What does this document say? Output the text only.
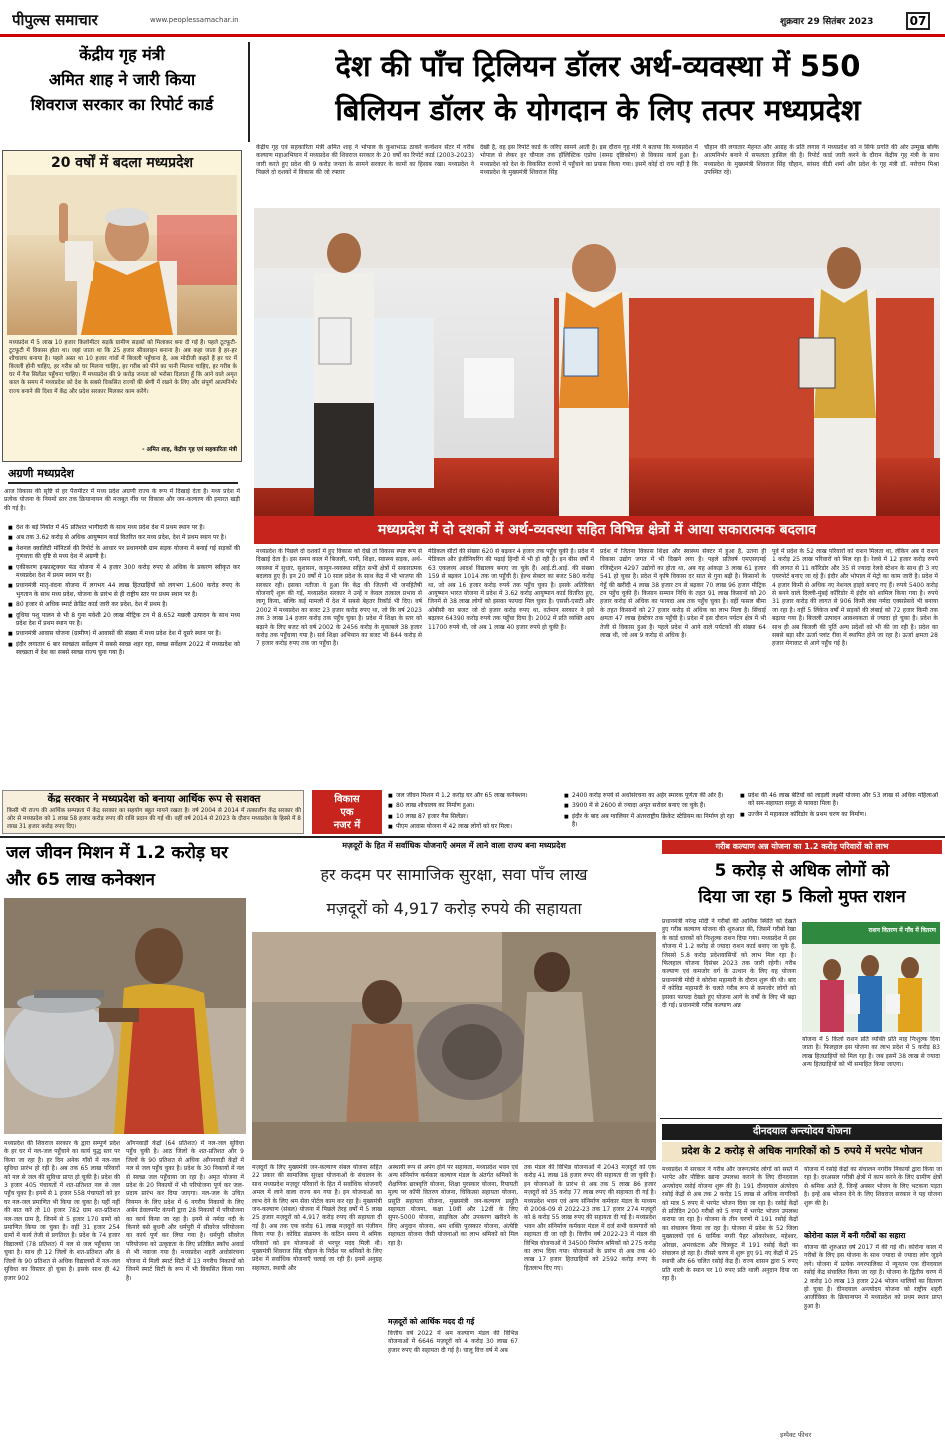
पीपुल्स समाचार	www.peoplessamachar.in	शुक्रवार 29 सितंबर 2023	07
केंद्रीय गृह मंत्री
अमित शाह ने जारी किया
शिवराज सरकार का रिपोर्ट कार्ड
देश की पाँच ट्रिलियन डॉलर अर्थ-व्यवस्था में 550
बिलियन डॉलर के योगदान के लिए तत्पर मध्यप्रदेश
केंद्रीय गृह एवं सहकारिता मंत्री अमित शाह ने भोपाल के कुशाभाऊ ठाकरे कन्वेंशन सेंटर में गरीब कल्याण महाअभियान में मध्यप्रदेश की शिवराज सरकार के 20 वर्षों का रिपोर्ट कार्ड (2003-2023) जारी करते हुए प्रदेश की 9 करोड़ जनता के सामने सरकार के कामों का हिसाब रखा। मध्यप्रदेश ने पिछले दो दशकों में विकास की जो रफ्तार
देखी है, वह इस रिपोर्ट कार्ड के जरिए सामने आती है। इस दौरान गृह मंत्री ने बताया कि मध्यप्रदेश में भोपाल से लेकर हर चौपाल तक हॉलिस्टिक एप्रोच (समग्र दृष्टिकोण) से विकास कार्य हुआ है। मध्यप्रदेश को देश के विकसित राज्यों में पहुँचाने का प्रयास किया गया। इसमें कोई दो राय नहीं है कि मध्यप्रदेश के मुख्यमंत्री शिवराज सिंह
चौहान की लगातार मेहनत और आग्रह के प्रति लगाव ने मध्यप्रदेश को न सिर्फ प्रगति की ओर उन्मुख बल्कि आत्मनिर्भर बनाने में सफलता हासिल की है। रिपोर्ट कार्ड जारी करने के दौरान केंद्रीय गृह मंत्री के साथ मध्यप्रदेश के मुख्यमंत्री शिवराज सिंह चौहान, सांसद वीडी शर्मा और प्रदेश के गृह मंत्री डॉ. नरोत्तम मिश्रा उपस्थित रहे।
20 वर्षों में बदला मध्यप्रदेश
मध्यप्रदेश में 5 लाख 10 हजार किलोमीटर सड़कें ग्रामीण सड़कों को मिलाकर बना दी गई हैं। पहले टूटफूटी-टूटफूटी में विकास होता था। जहां जाता था कि 25 हजार सीवलाइन बनाना है। अब कहा जाता है हर-हर शौचालय बनाया है। पहले अस्त था 10 हजार गांवों में बिजली पहुँचाना है, अब मोदीजी कहते हैं हर घर में बिजली होनी चाहिए, हर गरीब को घर मिलना चाहिए, हर गरीब को पीने का पानी मिलना चाहिए, हर गरीब के घर में गैस सिलेंडर पहुँचना चाहिए। मैं मध्यप्रदेश की 9 करोड़ जनता को भरोसा दिलाता हूँ कि आने वाले अमृत काल के समय में मध्यप्रदेश को देश के सबसे विकसित राज्यों की श्रेणी में रखने के लिए और संपूर्ण आत्मनिर्भर राज्य बनाने की दिशा में केंद्र और प्रदेश सरकार मिलकर काम करेंगे।
- अमित शाह, केंद्रीय गृह एवं सहकारिता मंत्री
अग्रणी मध्यप्रदेश
आज विकास की सृष्टि से हर पैरामीटर में मध्य प्रदेश अग्रणी राज्य के रूप में दिखाई देता है। मध्य प्रदेश में प्रत्येक योजना के नियमों स्तर तक क्रियान्वयन की मजबूत नींव पर विकास और जन-कल्याण की इमारत खड़ी की गई है।
■ देश के बड़े निर्यात में 45 प्रतिशत भागीदारी के साथ मध्य प्रदेश देश में प्रथम स्थान पर है।
■ अब तक 3.62 करोड़ से अधिक आयुष्मान कार्ड वितरित कर मध्य प्रदेश, देश में प्रथम स्थान पर है।
■ नेशनल क्वालिटी मॉनिटर्स की रिपोर्ट के आधार पर प्रधानमंत्री ग्राम सड़क योजना में बनाई गई सड़कों की गुणवत्ता की दृष्टि से मध्य देश में अग्रणी है।
■ एकीकरण इन्फ्रास्ट्रक्चर फंड योजना में 4 हजार 300 करोड़ रुपए से अधिक के प्रकरण स्वीकृत कर मध्यप्रदेश देश में प्रथम स्थान पर है।
■ प्रधानमंत्री मातृ-वंदना योजना में लगभग 44 लाख हितग्राहियों को लगभग 1,600 करोड़ रुपए के भुगतान के साथ मध्य प्रदेश, योजना के प्रारंभ से ही राष्ट्रीय स्तर पर प्रथम स्थान पर है।
■ 80 हजार से अधिक स्मार्ट क्रेडिट कार्ड जारी कर प्रदेश, देश में प्रथम है।
■ दूधिया पशु पालन से भी 8 गुना मवेशी 20 लाख मीट्रिक टन में 8.652 मछली उत्पादन के साथ मध्य प्रदेश देश में प्रथम स्थान पर है।
■ प्रधानमंत्री आवास योजना (ग्रामीण) में आवासों की संख्या में मध्य प्रदेश देश में दूसरे स्थान पर है।
■ इंदौर लगातार 6 बार स्वच्छता सर्वेक्षण में सबसे स्वच्छ शहर रहा, स्वच्छ सर्वेक्षण 2022 में मध्यप्रदेश को स्वच्छता में देश का सबसे स्वच्छ राज्य चुना गया है।
मध्यप्रदेश में दो दशकों में अर्थ-व्यवस्था सहित विभिन्न क्षेत्रों में आया सकारात्मक बदलाव
मध्यप्रदेश के पिछले दो दशकों में हुए विकास को देखें तो विकास स्पष्ट रूप से दिखाई देता है। इस समय काल में बिजली, पानी, शिक्षा, स्वास्थ्य सड़क, अर्थ-व्यवस्था में सुधार, सुशासन, कानून-व्यवस्था सहित सभी क्षेत्रों में सकारात्मक बदलाव हुए हैं। इन 20 वर्षों में 10 साल प्रदेश के साथ केंद्र में भी भाजपा की सरकार रही। इसका नतीजा ये हुआ कि केंद्र की जितनी भी जनहितैषी योजनाएँ शुरू की गईं, मध्यप्रदेश सरकार ने उन्हें न केवल तत्काल प्रभाव से लागू किया, बल्कि कई मामलों में देश में सबसे बेहतर रिकॉर्ड भी दिए। वर्ष 2002 में मध्यप्रदेश का बजट 23 हजार करोड़ रुपए था, जो कि वर्ष 2023 तक 3 लाख 14 हजार करोड़ तक पहुँच चुका है। प्रदेश में शिक्षा के स्तर को बढ़ाने के लिए बजट को वर्ष 2002 के 2456 करोड़ के मुकाबले 38 हजार करोड़ तक पहुँचाया गया है। सर्व शिक्षा अभियान का बजट भी 844 करोड़ से 7 हजार करोड़ रुपए तक जा पहुँचा है।
मेडिकल सीटों की संख्या 620 से बढ़कर 4 हजार तक पहुँच चुकी है। प्रदेश में मेडिकल और इंजीनियरिंग की पढ़ाई हिन्दी में भी हो रही है। इन बीस वर्षों में 63 एकलव्य आदर्श विद्यालय बनाए जा चुके हैं। आई.टी.आई. की संख्या 159 से बढ़कर 1014 तक जा पहुँची है। हेल्थ सेक्टर का बजट 580 करोड़ था, जो अब 16 हजार करोड़ रुपये तक पहुँच चुका है। इसके अतिरिक्त आयुष्मान भारत योजना में प्रदेश में 3.62 करोड़ आयुष्मान कार्ड वितरित हुए, जिनमें से 38 लाख लोगों को इसका फायदा मिल चुका है। एससी-एसटी और ओबीसी का बजट जो दो हजार करोड़ रुपए था, वर्तमान सरकार ने इसे बढ़ाकर 64390 करोड़ रुपये तक पहुँचा दिया है। 2002 में प्रति व्यक्ति आय 11700 रुपये थी, जो अब 1 लाख 40 हजार रुपये हो चुकी है।
प्रदेश में जितना विकास शिक्षा और स्वास्थ्य सेक्टर में हुआ है, उतना ही विकास उद्योग जगत में भी दिखने लगा है। पहले प्रतिवर्ष एमएसएमई रजिस्ट्रेशन 4297 उद्योगों का होता था, अब यह आंकड़ा 3 लाख 61 हजार 541 हो चुका है। प्रदेश में कृषि विकास दर सात से गुना बढ़ी है। किसानों के गेहूँ की खरीदी 4 लाख 38 हजार टन से बढ़कर 70 लाख 96 हजार मीट्रिक टन पहुँच चुकी है। किसान सम्मान निधि के तहत 91 लाख किसानों को 20 हजार करोड़ से अधिक का फायदा अब तक पहुँच चुका है। वहीं फसल बीमा के तहत किसानों को 27 हजार करोड़ से अधिक का लाभ मिला है। सिंचाई क्षमता 47 लाख हेक्टेयर तक पहुँची है। प्रदेश में इस दौरान पर्यटन क्षेत्र में भी तेजी से विकास हुआ है। पहले प्रदेश में आने वाले पर्यटकों की संख्या 64 लाख थी, जो अब 9 करोड़ से अधिक है।
पूर्व में प्रदेश के 52 लाख परिवारों को राशन मिलता था, लेकिन अब ये राशन 1 करोड़ 25 लाख परिवारों को मिल रहा है। रेलवे में 12 हजार करोड़ रुपये की लागत से 11 कॉरिडोर और 35 से ज्यादा रेलवे स्टेशन के साथ ही 3 नए एयरपोर्ट बनाए जा रहे हैं। इंदौर और भोपाल में मेट्रो का काम जारी है। प्रदेश में 4 हजार किमी से अधिक नए नेशनल हाइवे बनाए गए हैं। रुपये 5400 करोड़ से बनने वाले दिल्ली-मुंबई कॉरिडोर में इंदौर को शामिल किया गया है। रुपये 31 हजार करोड़ की लागत से 906 किमी लंबा नर्मदा एक्सप्रेसवे भी बनाया जा रहा है। वहीं 5 लिंकेज वर्षों में सड़कों की लंबाई को 72 हजार किमी तक बढ़ाया गया है। बिजली उत्पादन आवश्यकता से ज्यादा हो चुका है। प्रदेश के साथ ही अब बिजली की पूर्ति अन्य प्रदेशों को भी की जा रही है। प्रदेश का सबसे बड़ा सौर ऊर्जा प्लांट रीवा में स्थापित होने जा रहा है। ऊर्जा क्षमता 28 हजार मेगावाट से आगे पहुँच गई है।
केंद्र सरकार ने मध्यप्रदेश को बनाया आर्थिक रूप से सशक्त
किसी भी राज्य की आर्थिक सम्पन्नता में केंद्र सरकार का सहयोग बहुत मायने रखता है। वर्ष 2004 से 2014 में तत्कालीन केंद्र सरकार की ओर से मध्यप्रदेश को 1 लाख 58 हजार करोड़ रुपए की राशि प्रदान की गई थी। वहीं वर्ष 2014 से 2023 के दौरान मध्यप्रदेश के हिस्से में 8 लाख 31 हजार करोड़ रुपए दिए।
विकास
एक
नजर में
■ जल जीवन मिशन में 1.2 करोड़ घर और 65 लाख कनेक्शन।
■ 80 लाख शौचालय का निर्माण हुआ।
■ 10 लाख 87 हजार गैस सिलेंडर।
■ पीएम आवास योजना में 42 लाख लोगों को घर मिला।
■ 2400 करोड़ रुपये से अधोसंरचना का अहेर स्मारक पूर्णता की ओर है।
■ 3900 में से 2600 से ज्यादा अमृत सरोवर बनाए जा चुके हैं।
■ इंदौर के बाद अब ग्वालियर में अंतरराष्ट्रीय क्रिकेट स्टेडियम का निर्माण हो रहा है।
■ प्रदेश की 46 लाख बेटियों को लाड़ली लक्ष्मी योजना और 53 लाख से अधिक महिलाओं को सम-सहायता समूह से फायदा मिला है।
■ उज्जैन में महाकाल कॉरिडोर के प्रथम चरण का निर्माण।
जल जीवन मिशन में 1.2 करोड़ घर और 65 लाख कनेक्शन
मध्यप्रदेश की शिवराज सरकार के द्वारा सम्पूर्ण प्रदेश के हर घर में नल-जल पहुँचाने का कार्य युद्ध स्तर पर किया जा रहा है। हर दिन अनेक गाँवों में नल-जल सुविधा प्रारंभ हो रही है। अब तक 65 लाख परिवारों को नल से जल की सुविधा प्राप्त हो चुकी है। प्रदेश की 3 हजार 405 पंचायतों में शत-प्रतिशत नल से जल पहुँच चुका है। इनमें से 1 हजार 558 पंचायतों को हर घर नल-जल प्रमाणित भी किया जा चुका है। यहीं नहीं की बात करें तो 10 हजार 782 ग्राम शत-प्रतिशत नल-जल ग्राम हैं, जिनमें से 5 हजार 170 ग्रामों को प्रमाणित किया जा चुका है। वहीं 31 हजार 254 ग्रामों में कार्य तेजी से प्रगतिरत है। प्रदेश के 74 हजार विद्यालयों (78 प्रतिशत) में नल से जल पहुँचाया जा चुका है। साथ ही 12 जिलों के शत-प्रतिशत और 8 जिलों के 90 प्रतिशत से अधिक विद्यालयों में नल-जल सुविधा का विस्तार हो चुका है। इसके साथ ही 42 हजार 902
आँगनवाड़ी केंद्रों (64 प्रतिशत) में नल-जल सुविधा पहुँच चुकी है। आठ जिलों के शत-प्रतिशत और 9 जिलों के 90 प्रतिशत से अधिक आँगनवाड़ी केंद्रों में नल से जल पहुँच चुका है। प्रदेश के 30 निकायों में नल से स्वच्छ जल पहुँचाया जा रहा है। अमृत योजना में प्रदेश के 20 निकायों में भी परियोजना पूर्ण कर जल-प्रदाय प्रारंभ कर दिया जाएगा। नल-जल के उचित नियमन के लिए प्रदेश में 6 नगरीय निकायों के लिए अर्बन डेवलपमेंट कंपनी द्वारा 28 निकायों में परियोजना का कार्य किया जा रहा है। इनमें से नर्मदा नदी के किनारे बसे बुधनी और धर्मपुरी में सीवरेज परियोजना का कार्य पूर्ण कर लिया गया है। धर्मपुरी सीवरेज परियोजना को उत्कृष्टता के लिए प्रतिष्ठित स्कॉच अवार्ड से भी नवाजा गया है। मध्यप्रदेश शहरी अधोसंरचना योजना में मिली स्मार्ट सिटी में 13 नगरीय निकायों को जिनमें स्मार्ट सिटी के रूप में भी विकसित किया गया है।
मज़दूरों के हित में सर्वाधिक योजनाएँ अमल में लाने वाला राज्य बना मध्यप्रदेश
हर कदम पर सामाजिक सुरक्षा, सवा पाँच लाख
मज़दूरों को 4,917 करोड़ रुपये की सहायता
मज़दूरों के लिए मुख्यमंत्री जन-कल्याण संबल योजना सहित 22 प्रकार की सामाजिक सुरक्षा योजनाओं के संचालन के साथ मध्यप्रदेश मज़दूर परिवारों के हित में सर्वाधिक योजनाएँ अमल में लाने वाला राज्य बन गया है। इन योजनाओं का लाभ देने के लिए श्रम सेवा पोर्टल काम कर रहा है। मुख्यमंत्री जन-कल्याण (संबल) योजना में पिछले तेरह वर्षों में 5 लाख 25 हजार मज़दूरों को 4,917 करोड़ रुपए की सहायता दी गई है। अब तक एक करोड़ 61 लाख मज़दूरों का पंजीयन किया गया है। कोविड संक्रमण के कठिन समय में श्रमिक परिवारों को इन योजनाओं से भरपूर मदद मिली थी। मुख्यमंत्री शिवराज सिंह चौहान के निर्देश पर श्रमिकों के लिए प्रदेश में सर्वाधिक योजनाएँ चलाई जा रही हैं। इनमें अनुग्रह सहायता, स्थायी और
अस्थायी रूप से अपंग होने पर सहायता, मध्यप्रदेश भवन एवं अन्य संनिर्माण कर्मकार कल्याण मंडल के अंतर्गत श्रमिकों के शैक्षणिक छात्रवृत्ति योजना, शिक्षा पुरस्कार योजना, रियायती मूल्य पर कॉपी वितरण योजना, चिकित्सा सहायता योजना, प्रसूति सहायता योजना, मुख्यमंत्री जन-कल्याण प्रसूति सहायता योजना, कक्षा 10वीं और 12वीं के लिए सुपर-5000 योजना, साइकिल और उपकरण खरीदने के लिए अनुदान योजना, श्रम शक्ति पुरस्कार योजना, अंत्येष्टि सहायता योजना जैसी योजनाओं का लाभ श्रमिकों को मिल रहा है।
मज़दूरों को आर्थिक मदद दी गई
वित्तीय वर्ष 2022 में श्रम कल्याण मंडल की विभिन्न योजनाओं में 6646 मज़दूरों को 4 करोड़ 30 लाख 67 हजार रुपए की सहायता दी गई है। चालू वित्त वर्ष में अब
तक मंडल की विभिन्न योजनाओं में 2043 मज़दूरों को एक करोड़ 41 लाख 18 हजार रुपए की सहायता दी जा चुकी है। इन योजनाओं के प्रारंभ से अब तक 5 लाख 86 हजार मज़दूरों को 35 करोड़ 77 लाख रुपए की सहायता दी गई है। मध्यप्रदेश भवन एवं अन्य संनिर्माण कर्मकार मंडल के माध्यम से 2008-09 से 2022-23 तक 17 हजार 274 मज़दूरों को 8 करोड़ 55 लाख रुपए की सहायता दी गई है। मध्यप्रदेश भवन और संनिर्माण कर्मकार मंडल में दर्ज सभी कामगारों को सहायता दी जा रही है। वित्तीय वर्ष 2022-23 में मंडल की विभिन्न योजनाओं में 34500 निर्माण श्रमिकों को 275 करोड़ का लाभ दिया गया। योजनाओं के प्रारंभ से अब तक 40 लाख 17 हजार हितग्राहियों को 2592 करोड़ रुपए के हितलाभ दिए गए।
गरीब कल्याण अन्न योजना का 1.2 करोड़ परिवारों को लाभ
5 करोड़ से अधिक लोगों को
दिया जा रहा 5 किलो मुफ्त राशन
प्रधानमंत्री नरेन्द्र मोदी ने गरीबों की आर्थिक स्थिति को देखते हुए गरीब कल्याण योजना की शुरुआत की, जिसमें गरीबों रेखा के कार्ड धारकों को निःशुल्क राशन दिया गया। मध्यप्रदेश में इस योजना में 1.2 करोड़ से ज्यादा राशन कार्ड बनाए जा चुके हैं, जिससे 5.8 करोड़ प्रदेशवासियों को लाभ मिल रहा है। फिलहाल योजना दिसंबर 2023 तक जारी रहेगी। गरीब कल्याण एवं कमजोर वर्ग के उत्थान के लिए यह योजना प्रधानमंत्री मोदी ने कोरोना महामारी के दौरान शुरू की थी। बाद में कोविड महामारी के चलते गरीब रूप से कमजोर लोगों को इसका फायदा देखते हुए योजना आगे के वर्षों के लिए भी बढ़ा दी गई। प्रधानमंत्री गरीब कल्याण अन्न
राशन वितरण में गाँव में वितरण
योजना में 5 किलो राशन प्रति व्यक्ति प्रति माह निःशुल्क दिया जाता है। फिलहाल इस योजना का लाभ प्रदेश में 5 करोड़ 83 लाख हितग्राहियों को मिल रहा है। जब इसमें 38 लाख से ज्यादा अन्य हितग्राहियों को भी समाहित किया जाएगा।
दीनदयाल अन्त्योदय योजना
प्रदेश के 2 करोड़ से अधिक नागरिकों को 5 रुपये में भरपेट भोजन
मध्यप्रदेश में सरकार ने गरीब और जरूरतमंद लोगों को सस्ते में भरपेट और पौष्टिक खाना उपलब्ध कराने के लिए दीनदयाल अन्त्योदय रसोई योजना शुरू की है। 191 दीनदयाल अंत्योदय रसोई केंद्रों से अब तक 2 करोड़ 15 लाख से अधिक नागरिकों को मात्र 5 रुपए में भरपेट भोजन दिया जा रहा है। रसोई केंद्रों से प्रतिदिन 200 गरीबों को 5 रुपए में भरपेट भोजन उपलब्ध कराया जा रहा है। योजना के तीन चरणों में 191 रसोई केंद्रों का संचालन किया जा रहा है। योजना में प्रदेश के 52 जिला मुख्यालयों एवं 6 धार्मिक नगरी पैहर ओंकारेश्वर, महेश्वर, ओरछा, अमरकंटक और चित्रकूट में 191 रसोई केंद्रों का संचालन हो रहा है। तीसरे चरण में शुरू हुए 91 नए केंद्रों में 25 स्थायी और 66 चलित रसोई केंद्र हैं। राज्य शासन द्वारा 5 रुपए प्रति थाली के स्थान पर 10 रुपए प्रति थाली अनुदान दिया जा रहा है।
योजना में रसोई केंद्रों का संचालन नगरीय निकायों द्वारा किया जा रहा है। दरअसल गरीबी क्षेत्रों में काम करने के लिए ग्रामीण क्षेत्रों से श्रमिक आते हैं, जिन्हें अक्सर भोजन के लिए भटकना पड़ता है। इन्हें अब भोजन देने के लिए शिवराज सरकार ने यह योजना शुरू की है।
कोरोना काल में बनी गरीबों का सहारा
योजना की शुरुआत वर्ष 2017 में की गई थी। कोरोना काल में गरीबों के लिए इस योजना के साथ ज्यादा से ज्यादा लोग जुड़ने लगे। योजना में प्रत्येक नगरपालिका में न्यूनतम एक दीनदयाल रसोई केंद्र संचालित किया जा रहा है। योजना के द्वितीय चरण में 2 करोड़ 10 लाख 13 हजार 224 भोजन थालियों का वितरण हो चुका है। दीनदयाल अन्त्योदय योजना को राष्ट्रीय शहरी आजीविका के क्रियान्वयन में मध्यप्रदेश को प्रथम स्थान प्राप्त हुआ है।
इम्पैक्ट फीचर
